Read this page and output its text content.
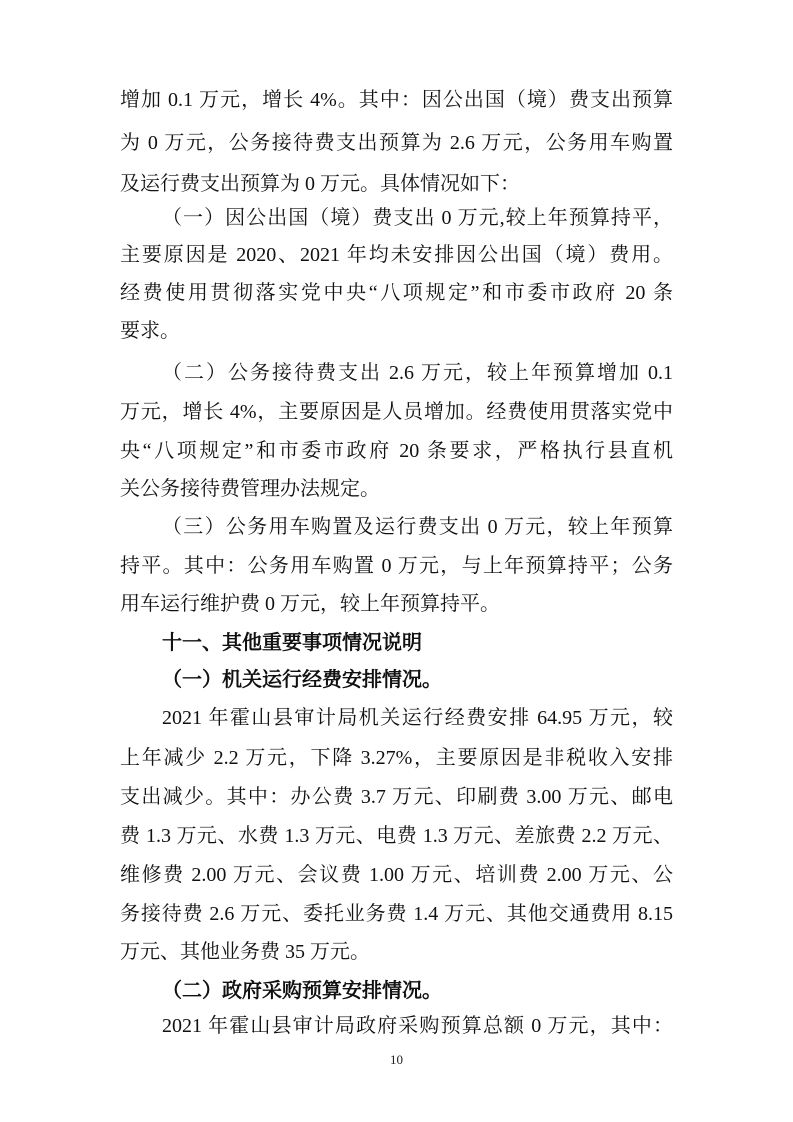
增加 0.1 万元，增长 4%。其中：因公出国（境）费支出预算
为 0 万元，公务接待费支出预算为 2.6 万元，公务用车购置
及运行费支出预算为 0 万元。具体情况如下：
（一）因公出国（境）费支出 0 万元,较上年预算持平，
主要原因是 2020、2021 年均未安排因公出国（境）费用。
经费使用贯彻落实党中央“八项规定”和市委市政府 20 条
要求。
（二）公务接待费支出 2.6 万元，较上年预算增加 0.1
万元，增长 4%，主要原因是人员增加。经费使用贯落实党中
央“八项规定”和市委市政府 20 条要求，严格执行县直机
关公务接待费管理办法规定。
（三）公务用车购置及运行费支出 0 万元，较上年预算
持平。其中：公务用车购置 0 万元，与上年预算持平；公务
用车运行维护费 0 万元，较上年预算持平。
十一、其他重要事项情况说明
（一）机关运行经费安排情况。
2021 年霍山县审计局机关运行经费安排 64.95 万元，较
上年减少 2.2 万元，下降 3.27%，主要原因是非税收入安排
支出减少。其中：办公费 3.7 万元、印刷费 3.00 万元、邮电
费 1.3 万元、水费 1.3 万元、电费 1.3 万元、差旅费 2.2 万元、
维修费 2.00 万元、会议费 1.00 万元、培训费 2.00 万元、公
务接待费 2.6 万元、委托业务费 1.4 万元、其他交通费用 8.15
万元、其他业务费 35 万元。
（二）政府采购预算安排情况。
2021 年霍山县审计局政府采购预算总额 0 万元，其中：
10
